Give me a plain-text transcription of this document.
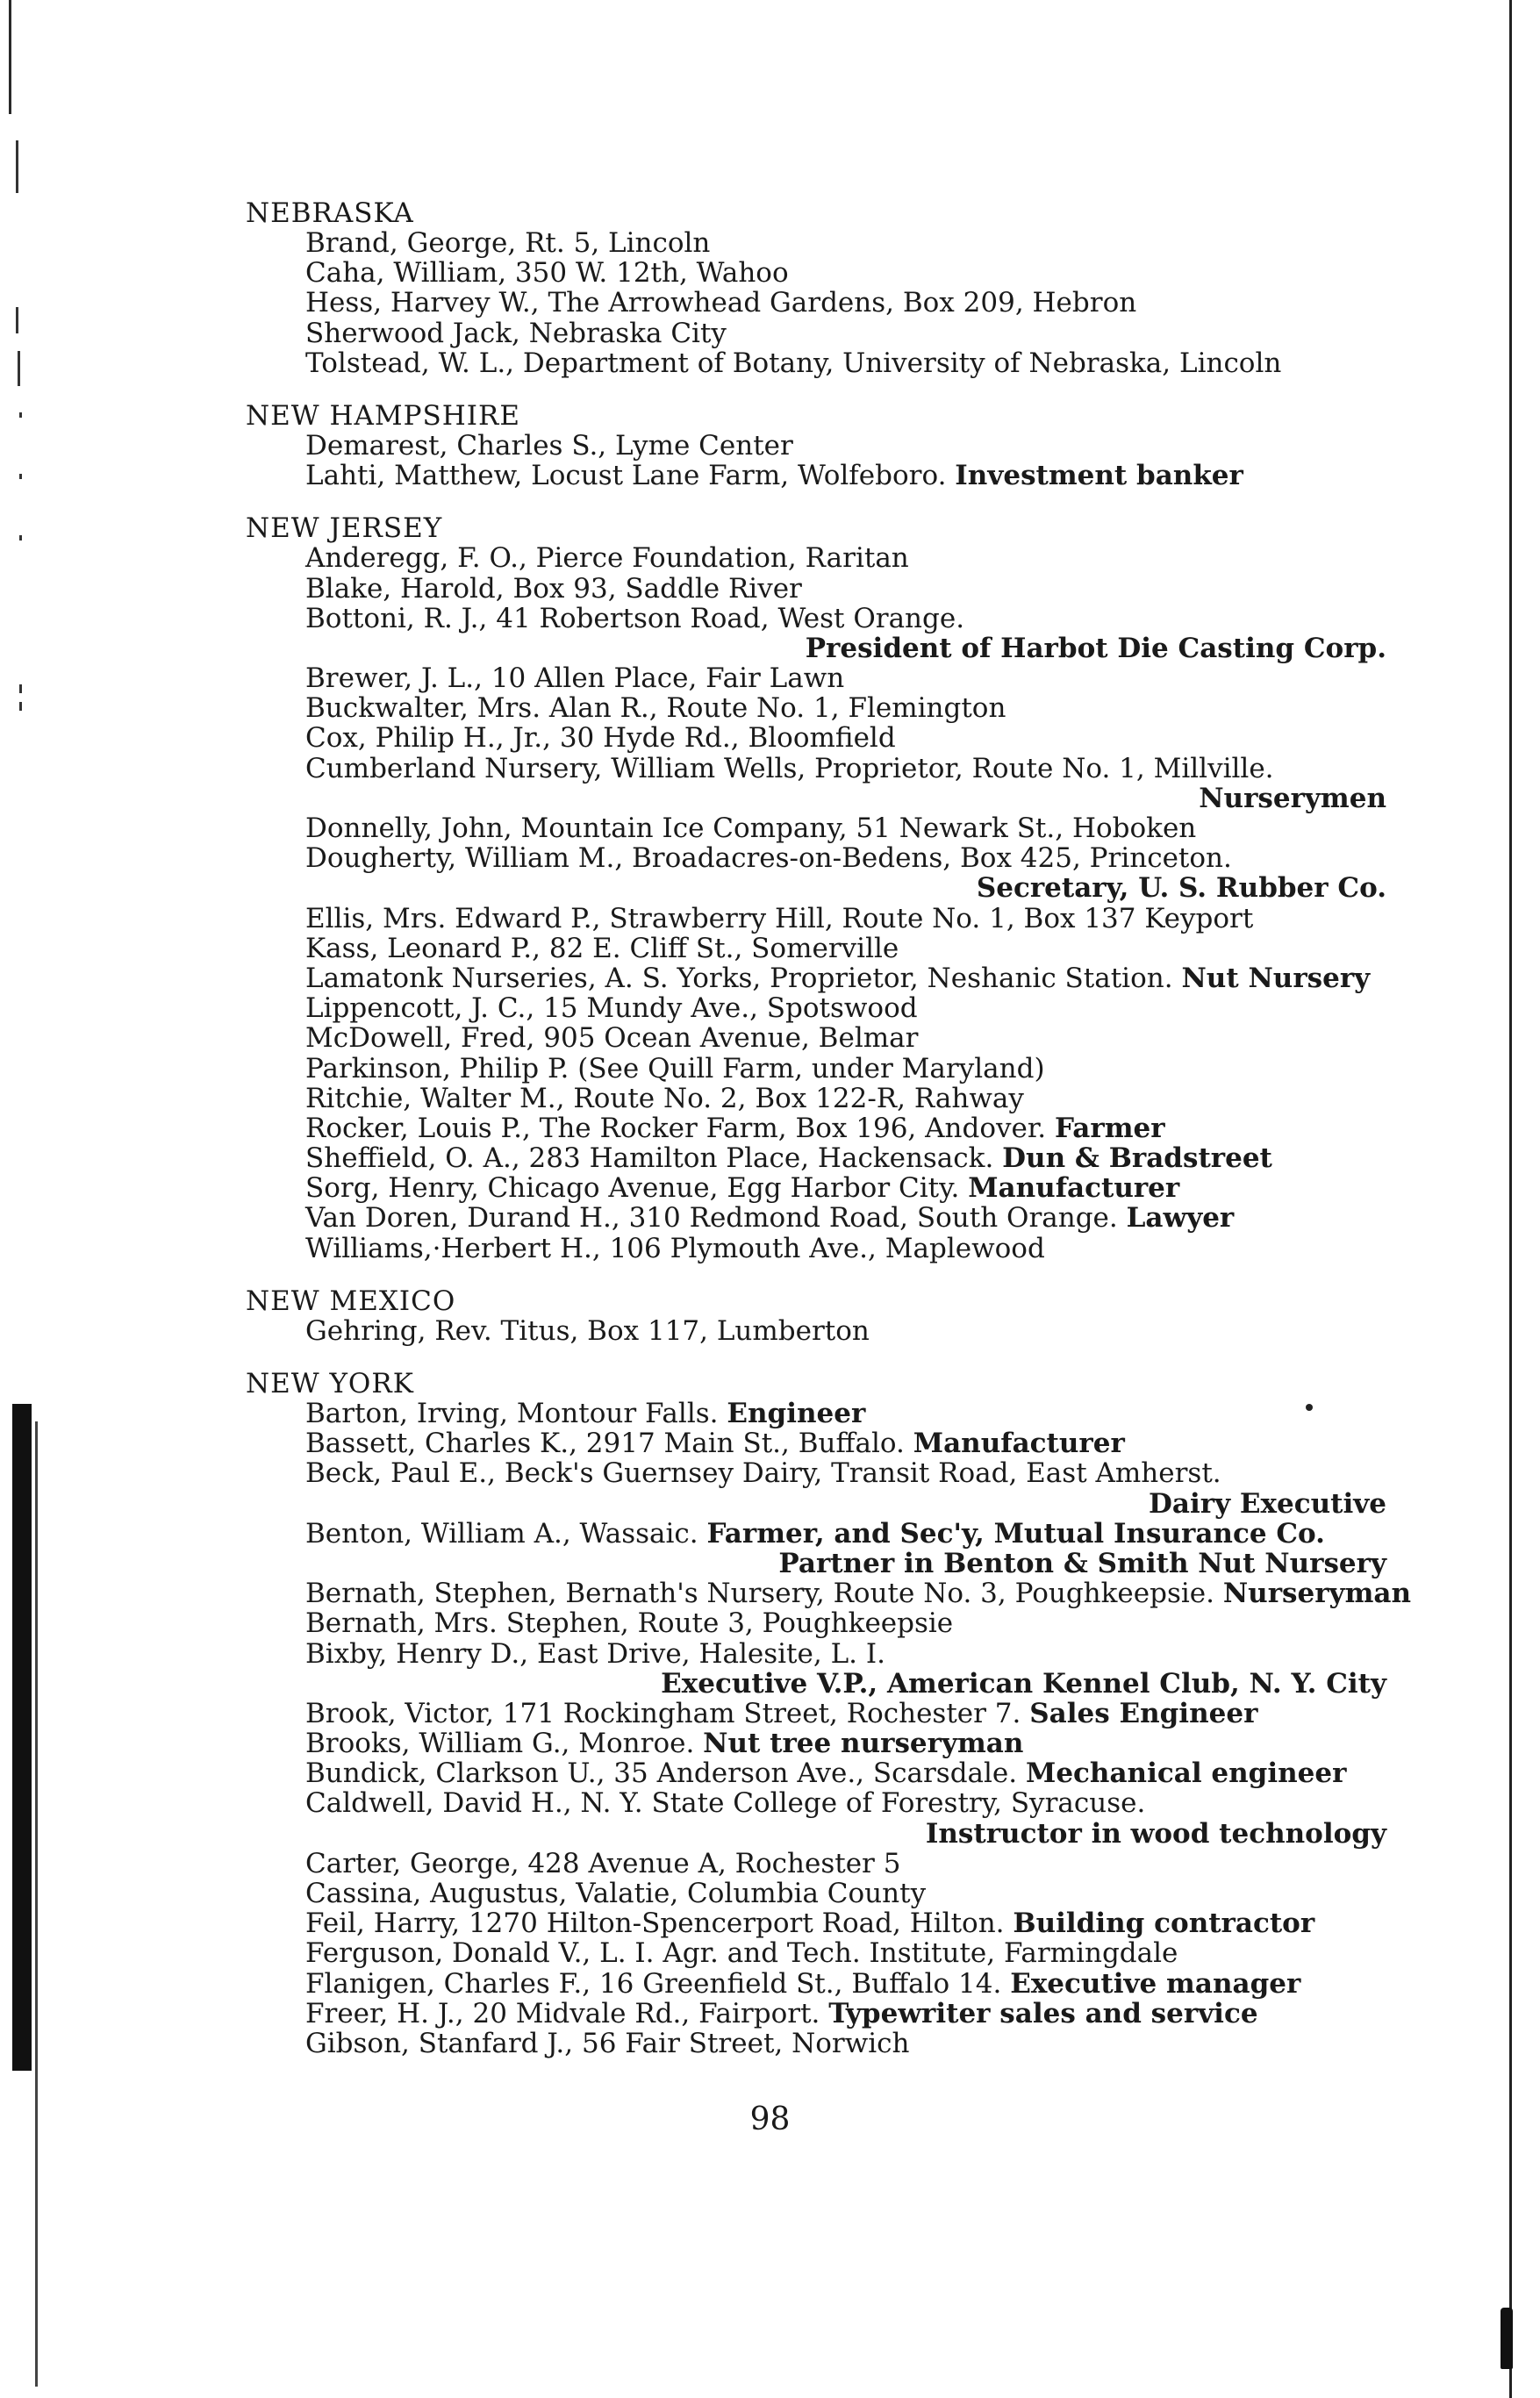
NEBRASKA
Brand, George, Rt. 5, Lincoln
Caha, William, 350 W. 12th, Wahoo
Hess, Harvey W., The Arrowhead Gardens, Box 209, Hebron
Sherwood Jack, Nebraska City
Tolstead, W. L., Department of Botany, University of Nebraska, Lincoln
NEW HAMPSHIRE
Demarest, Charles S., Lyme Center
Lahti, Matthew, Locust Lane Farm, Wolfeboro. Investment banker
NEW JERSEY
Anderegg, F. O., Pierce Foundation, Raritan
Blake, Harold, Box 93, Saddle River
Bottoni, R. J., 41 Robertson Road, West Orange.
President of Harbot Die Casting Corp.
Brewer, J. L., 10 Allen Place, Fair Lawn
Buckwalter, Mrs. Alan R., Route No. 1, Flemington
Cox, Philip H., Jr., 30 Hyde Rd., Bloomfield
Cumberland Nursery, William Wells, Proprietor, Route No. 1, Millville.
Nurserymen
Donnelly, John, Mountain Ice Company, 51 Newark St., Hoboken
Dougherty, William M., Broadacres-on-Bedens, Box 425, Princeton.
Secretary, U. S. Rubber Co.
Ellis, Mrs. Edward P., Strawberry Hill, Route No. 1, Box 137 Keyport
Kass, Leonard P., 82 E. Cliff St., Somerville
Lamatonk Nurseries, A. S. Yorks, Proprietor, Neshanic Station. Nut Nursery
Lippencott, J. C., 15 Mundy Ave., Spotswood
McDowell, Fred, 905 Ocean Avenue, Belmar
Parkinson, Philip P. (See Quill Farm, under Maryland)
Ritchie, Walter M., Route No. 2, Box 122-R, Rahway
Rocker, Louis P., The Rocker Farm, Box 196, Andover. Farmer
Sheffield, O. A., 283 Hamilton Place, Hackensack. Dun & Bradstreet
Sorg, Henry, Chicago Avenue, Egg Harbor City. Manufacturer
Van Doren, Durand H., 310 Redmond Road, South Orange. Lawyer
Williams,·Herbert H., 106 Plymouth Ave., Maplewood
NEW MEXICO
Gehring, Rev. Titus, Box 117, Lumberton
NEW YORK
Barton, Irving, Montour Falls. Engineer
Bassett, Charles K., 2917 Main St., Buffalo. Manufacturer
Beck, Paul E., Beck's Guernsey Dairy, Transit Road, East Amherst.
Dairy Executive
Benton, William A., Wassaic. Farmer, and Sec'y, Mutual Insurance Co.
Partner in Benton & Smith Nut Nursery
Bernath, Stephen, Bernath's Nursery, Route No. 3, Poughkeepsie. Nurseryman
Bernath, Mrs. Stephen, Route 3, Poughkeepsie
Bixby, Henry D., East Drive, Halesite, L. I.
Executive V.P., American Kennel Club, N. Y. City
Brook, Victor, 171 Rockingham Street, Rochester 7. Sales Engineer
Brooks, William G., Monroe. Nut tree nurseryman
Bundick, Clarkson U., 35 Anderson Ave., Scarsdale. Mechanical engineer
Caldwell, David H., N. Y. State College of Forestry, Syracuse.
Instructor in wood technology
Carter, George, 428 Avenue A, Rochester 5
Cassina, Augustus, Valatie, Columbia County
Feil, Harry, 1270 Hilton-Spencerport Road, Hilton. Building contractor
Ferguson, Donald V., L. I. Agr. and Tech. Institute, Farmingdale
Flanigen, Charles F., 16 Greenfield St., Buffalo 14. Executive manager
Freer, H. J., 20 Midvale Rd., Fairport. Typewriter sales and service
Gibson, Stanfard J., 56 Fair Street, Norwich
98
